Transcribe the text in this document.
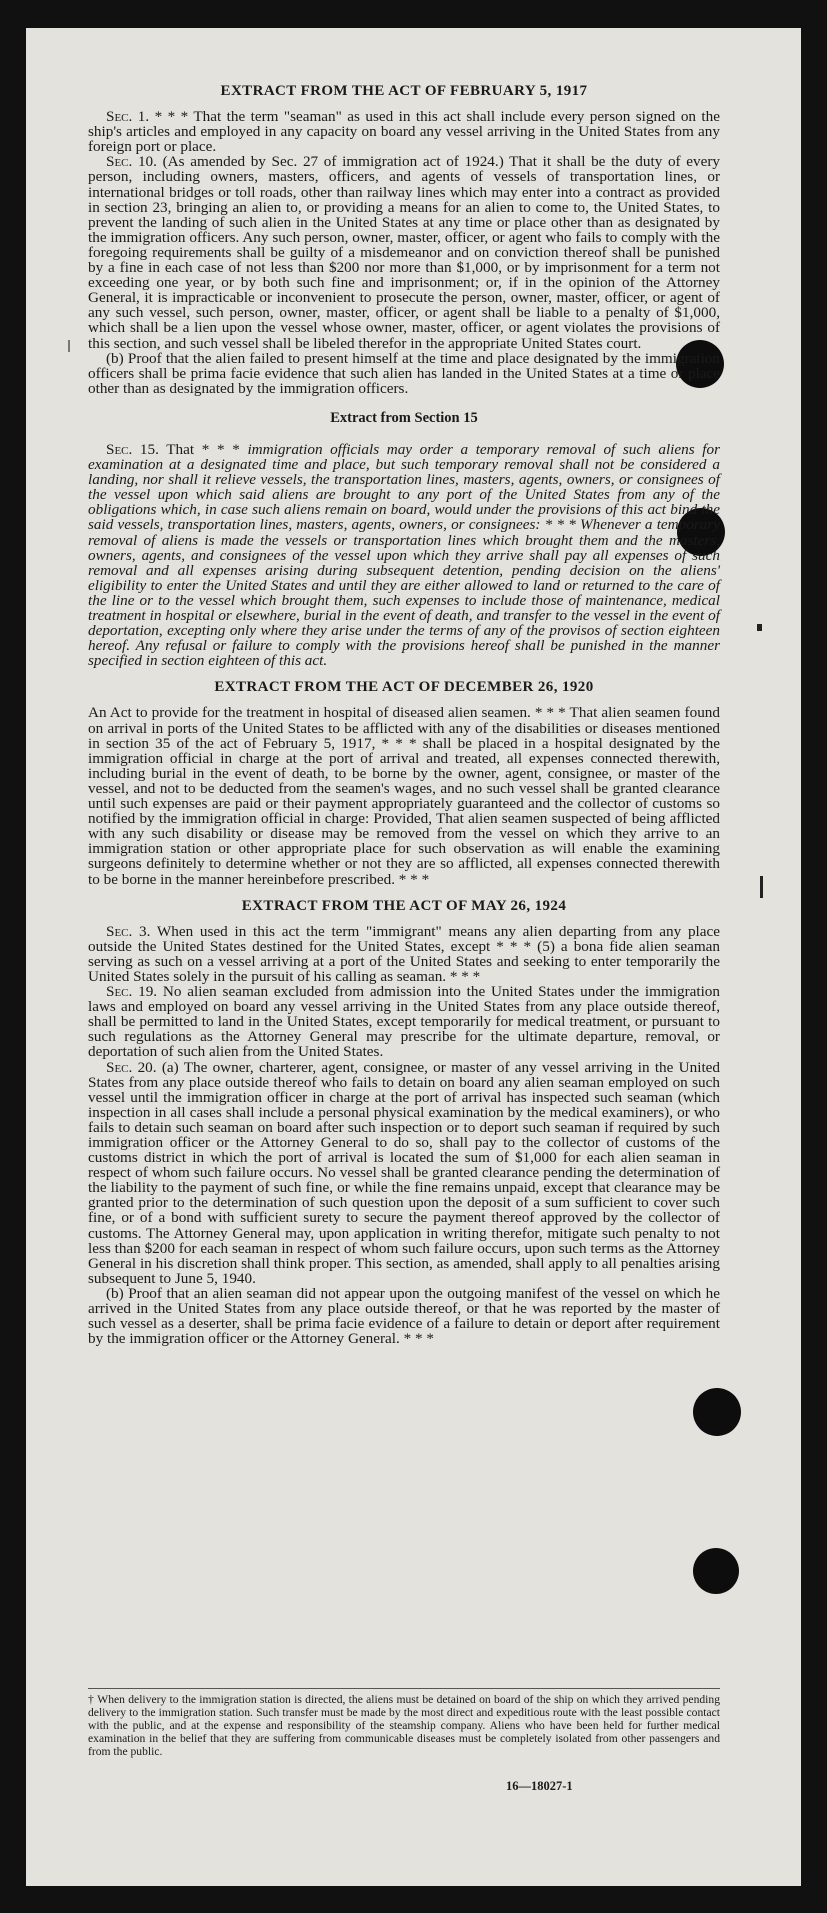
EXTRACT FROM THE ACT OF FEBRUARY 5, 1917

Sec. 1. * * * That the term "seaman" as used in this act shall include every person signed on the ship's articles and employed in any capacity on board any vessel arriving in the United States from any foreign port or place.

Sec. 10. (As amended by Sec. 27 of immigration act of 1924.) That it shall be the duty of every person, including owners, masters, officers, and agents of vessels of transportation lines, or international bridges or toll roads, other than railway lines which may enter into a contract as provided in section 23, bringing an alien to, or providing a means for an alien to come to, the United States, to prevent the landing of such alien in the United States at any time or place other than as designated by the immigration officers. Any such person, owner, master, officer, or agent who fails to comply with the foregoing requirements shall be guilty of a misdemeanor and on conviction thereof shall be punished by a fine in each case of not less than $200 nor more than $1,000, or by imprisonment for a term not exceeding one year, or by both such fine and imprisonment; or, if in the opinion of the Attorney General, it is impracticable or inconvenient to prosecute the person, owner, master, officer, or agent of any such vessel, such person, owner, master, officer, or agent shall be liable to a penalty of $1,000, which shall be a lien upon the vessel whose owner, master, officer, or agent violates the provisions of this section, and such vessel shall be libeled therefor in the appropriate United States court.

(b) Proof that the alien failed to present himself at the time and place designated by the immigration officers shall be prima facie evidence that such alien has landed in the United States at a time or place other than as designated by the immigration officers.

Extract from Section 15

Sec. 15. That * * * immigration officials may order a temporary removal of such aliens for examination at a designated time and place, but such temporary removal shall not be considered a landing, nor shall it relieve vessels, the transportation lines, masters, agents, owners, or consignees of the vessel upon which said aliens are brought to any port of the United States from any of the obligations which, in case such aliens remain on board, would under the provisions of this act bind the said vessels, transportation lines, masters, agents, owners, or consignees: * * * Whenever a temporary removal of aliens is made the vessels or transportation lines which brought them and the masters, owners, agents, and consignees of the vessel upon which they arrive shall pay all expenses of such removal and all expenses arising during subsequent detention, pending decision on the aliens' eligibility to enter the United States and until they are either allowed to land or returned to the care of the line or to the vessel which brought them, such expenses to include those of maintenance, medical treatment in hospital or elsewhere, burial in the event of death, and transfer to the vessel in the event of deportation, excepting only where they arise under the terms of any of the provisos of section eighteen hereof. Any refusal or failure to comply with the provisions hereof shall be punished in the manner specified in section eighteen of this act.

EXTRACT FROM THE ACT OF DECEMBER 26, 1920

An Act to provide for the treatment in hospital of diseased alien seamen. * * * That alien seamen found on arrival in ports of the United States to be afflicted with any of the disabilities or diseases mentioned in section 35 of the act of February 5, 1917, * * * shall be placed in a hospital designated by the immigration official in charge at the port of arrival and treated, all expenses connected therewith, including burial in the event of death, to be borne by the owner, agent, consignee, or master of the vessel, and not to be deducted from the seamen's wages, and no such vessel shall be granted clearance until such expenses are paid or their payment appropriately guaranteed and the collector of customs so notified by the immigration official in charge: Provided, That alien seamen suspected of being afflicted with any such disability or disease may be removed from the vessel on which they arrive to an immigration station or other appropriate place for such observation as will enable the examining surgeons definitely to determine whether or not they are so afflicted, all expenses connected therewith to be borne in the manner hereinbefore prescribed. * * *

EXTRACT FROM THE ACT OF MAY 26, 1924

Sec. 3. When used in this act the term "immigrant" means any alien departing from any place outside the United States destined for the United States, except * * * (5) a bona fide alien seaman serving as such on a vessel arriving at a port of the United States and seeking to enter temporarily the United States solely in the pursuit of his calling as seaman. * * *

Sec. 19. No alien seaman excluded from admission into the United States under the immigration laws and employed on board any vessel arriving in the United States from any place outside thereof, shall be permitted to land in the United States, except temporarily for medical treatment, or pursuant to such regulations as the Attorney General may prescribe for the ultimate departure, removal, or deportation of such alien from the United States.

Sec. 20. (a) The owner, charterer, agent, consignee, or master of any vessel arriving in the United States from any place outside thereof who fails to detain on board any alien seaman employed on such vessel until the immigration officer in charge at the port of arrival has inspected such seaman (which inspection in all cases shall include a personal physical examination by the medical examiners), or who fails to detain such seaman on board after such inspection or to deport such seaman if required by such immigration officer or the Attorney General to do so, shall pay to the collector of customs of the customs district in which the port of arrival is located the sum of $1,000 for each alien seaman in respect of whom such failure occurs. No vessel shall be granted clearance pending the determination of the liability to the payment of such fine, or while the fine remains unpaid, except that clearance may be granted prior to the determination of such question upon the deposit of a sum sufficient to cover such fine, or of a bond with sufficient surety to secure the payment thereof approved by the collector of customs. The Attorney General may, upon application in writing therefor, mitigate such penalty to not less than $200 for each seaman in respect of whom such failure occurs, upon such terms as the Attorney General in his discretion shall think proper. This section, as amended, shall apply to all penalties arising subsequent to June 5, 1940.

(b) Proof that an alien seaman did not appear upon the outgoing manifest of the vessel on which he arrived in the United States from any place outside thereof, or that he was reported by the master of such vessel as a deserter, shall be prima facie evidence of a failure to detain or deport after requirement by the immigration officer or the Attorney General. * * *

† When delivery to the immigration station is directed, the aliens must be detained on board of the ship on which they arrived pending delivery to the immigration station. Such transfer must be made by the most direct and expeditious route with the least possible contact with the public, and at the expense and responsibility of the steamship company. Aliens who have been held for further medical examination in the belief that they are suffering from communicable diseases must be completely isolated from other passengers and from the public.
16—18027-1
